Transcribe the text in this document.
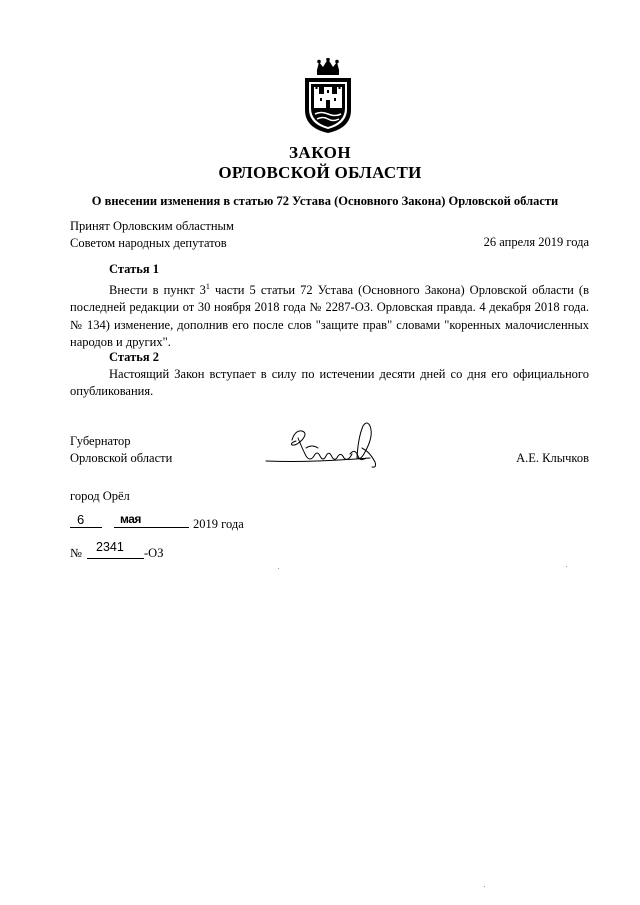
ЗАКОН
ОРЛОВСКОЙ ОБЛАСТИ
О внесении изменения в статью 72 Устава (Основного Закона) Орловской области
Принят Орловским областным
Советом народных депутатов	26 апреля 2019 года
Статья 1
Внести в пункт $3^1$ части 5 статьи 72 Устава (Основного Закона) Орловской области (в последней редакции от 30 ноября 2018 года № 2287-ОЗ. Орловская правда. 4 декабря 2018 года. № 134) изменение, дополнив его после слов "защите прав" словами "коренных малочисленных народов и других".
Статья 2
Настоящий Закон вступает в силу по истечении десяти дней со дня его официального опубликования.
Губернатор
Орловской области	А.Е. Клычков
город Орёл
6	мая	2019 года
№ 2341 -ОЗ
